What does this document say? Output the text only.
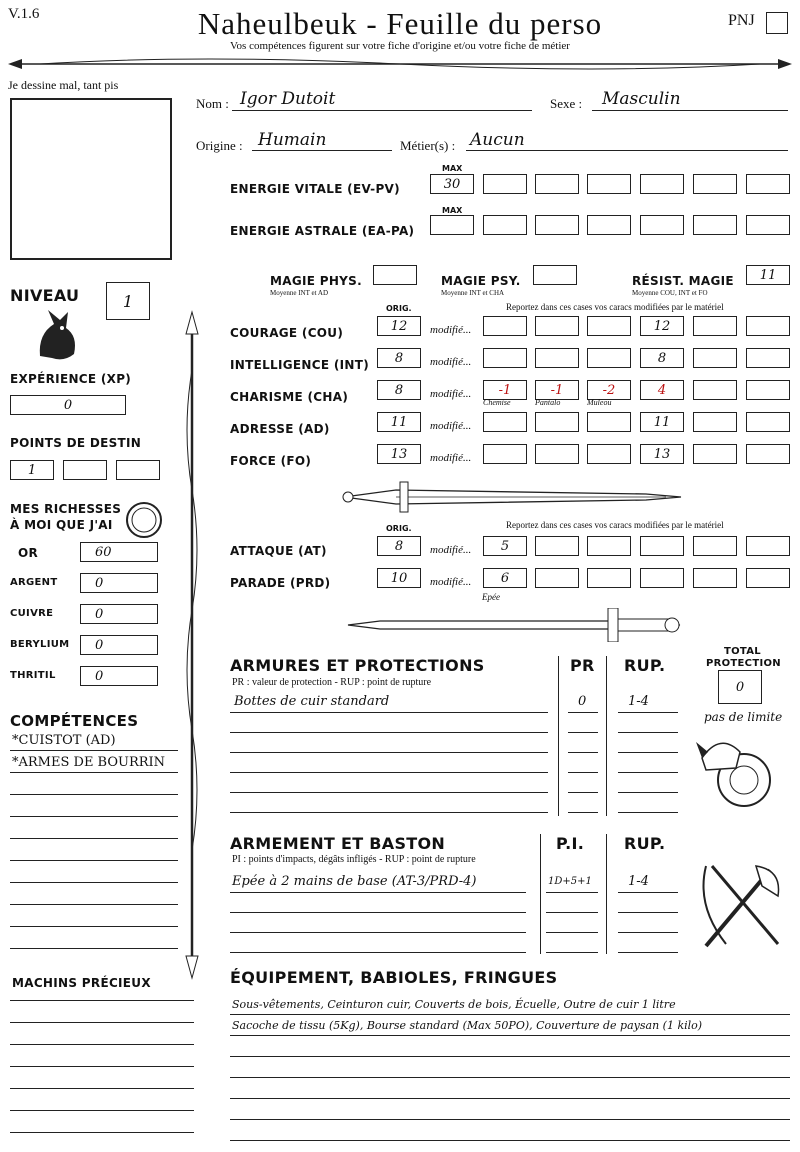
V.1.6	Naheulbeuk - Feuille du perso
Vos compétences figurent sur votre fiche d'origine et/ou votre fiche de métier
PNJ
Je dessine mal, tant pis
Nom : Igor Dutoit	Sexe : Masculin
Origine : Humain	Métier(s) : Aucun
MAX
ENERGIE VITALE (EV-PV)	30
MAX
ENERGIE ASTRALE (EA-PA)
MAGIE PHYS.
Moyenne INT et AD
MAGIE PSY.
Moyenne INT et CHA
RÉSIST. MAGIE
Moyenne COU, INT et FO
11
ORIG.	Reportez dans ces cases vos caracs modifiées par le matériel
COURAGE (COU)	12	modifié...	12
INTELLIGENCE (INT)	8	modifié...	8
CHARISME (CHA)	8	modifié...	-1	-1	-2	4
ADRESSE (AD)	11	modifié...	11
FORCE (FO)	13	modifié...	13
Chemise	Pantalo	Muleou
ORIG.	Reportez dans ces cases vos caracs modifiées par le matériel
ATTAQUE (AT)	8	modifié...	5
PARADE (PRD)	10	modifié...	6
Epée
NIVEAU	1
EXPÉRIENCE (XP)
0
POINTS DE DESTIN
1
MES RICHESSES
À MOI QUE J'AI
OR	60
ARGENT	0
CUIVRE	0
BERYLIUM	0
THRITIL	0
COMPÉTENCES
*CUISTOT (AD)
*ARMES DE BOURRIN
MACHINS PRÉCIEUX
ARMURES ET PROTECTIONS
PR : valeur de protection - RUP : point de rupture
PR RUP.
Bottes de cuir standard	0	1-4
TOTAL
PROTECTION
0
pas de limite
ARMEMENT ET BASTON
PI : points d'impacts, dégâts infligés - RUP : point de rupture
P.I. RUP.
Epée à 2 mains de base (AT-3/PRD-4)	1D+5+1	1-4
ÉQUIPEMENT, BABIOLES, FRINGUES
Sous-vêtements, Ceinturon cuir, Couverts de bois, Écuelle, Outre de cuir 1 litre
Sacoche de tissu (5Kg), Bourse standard (Max 50PO), Couverture de paysan (1 kilo)
